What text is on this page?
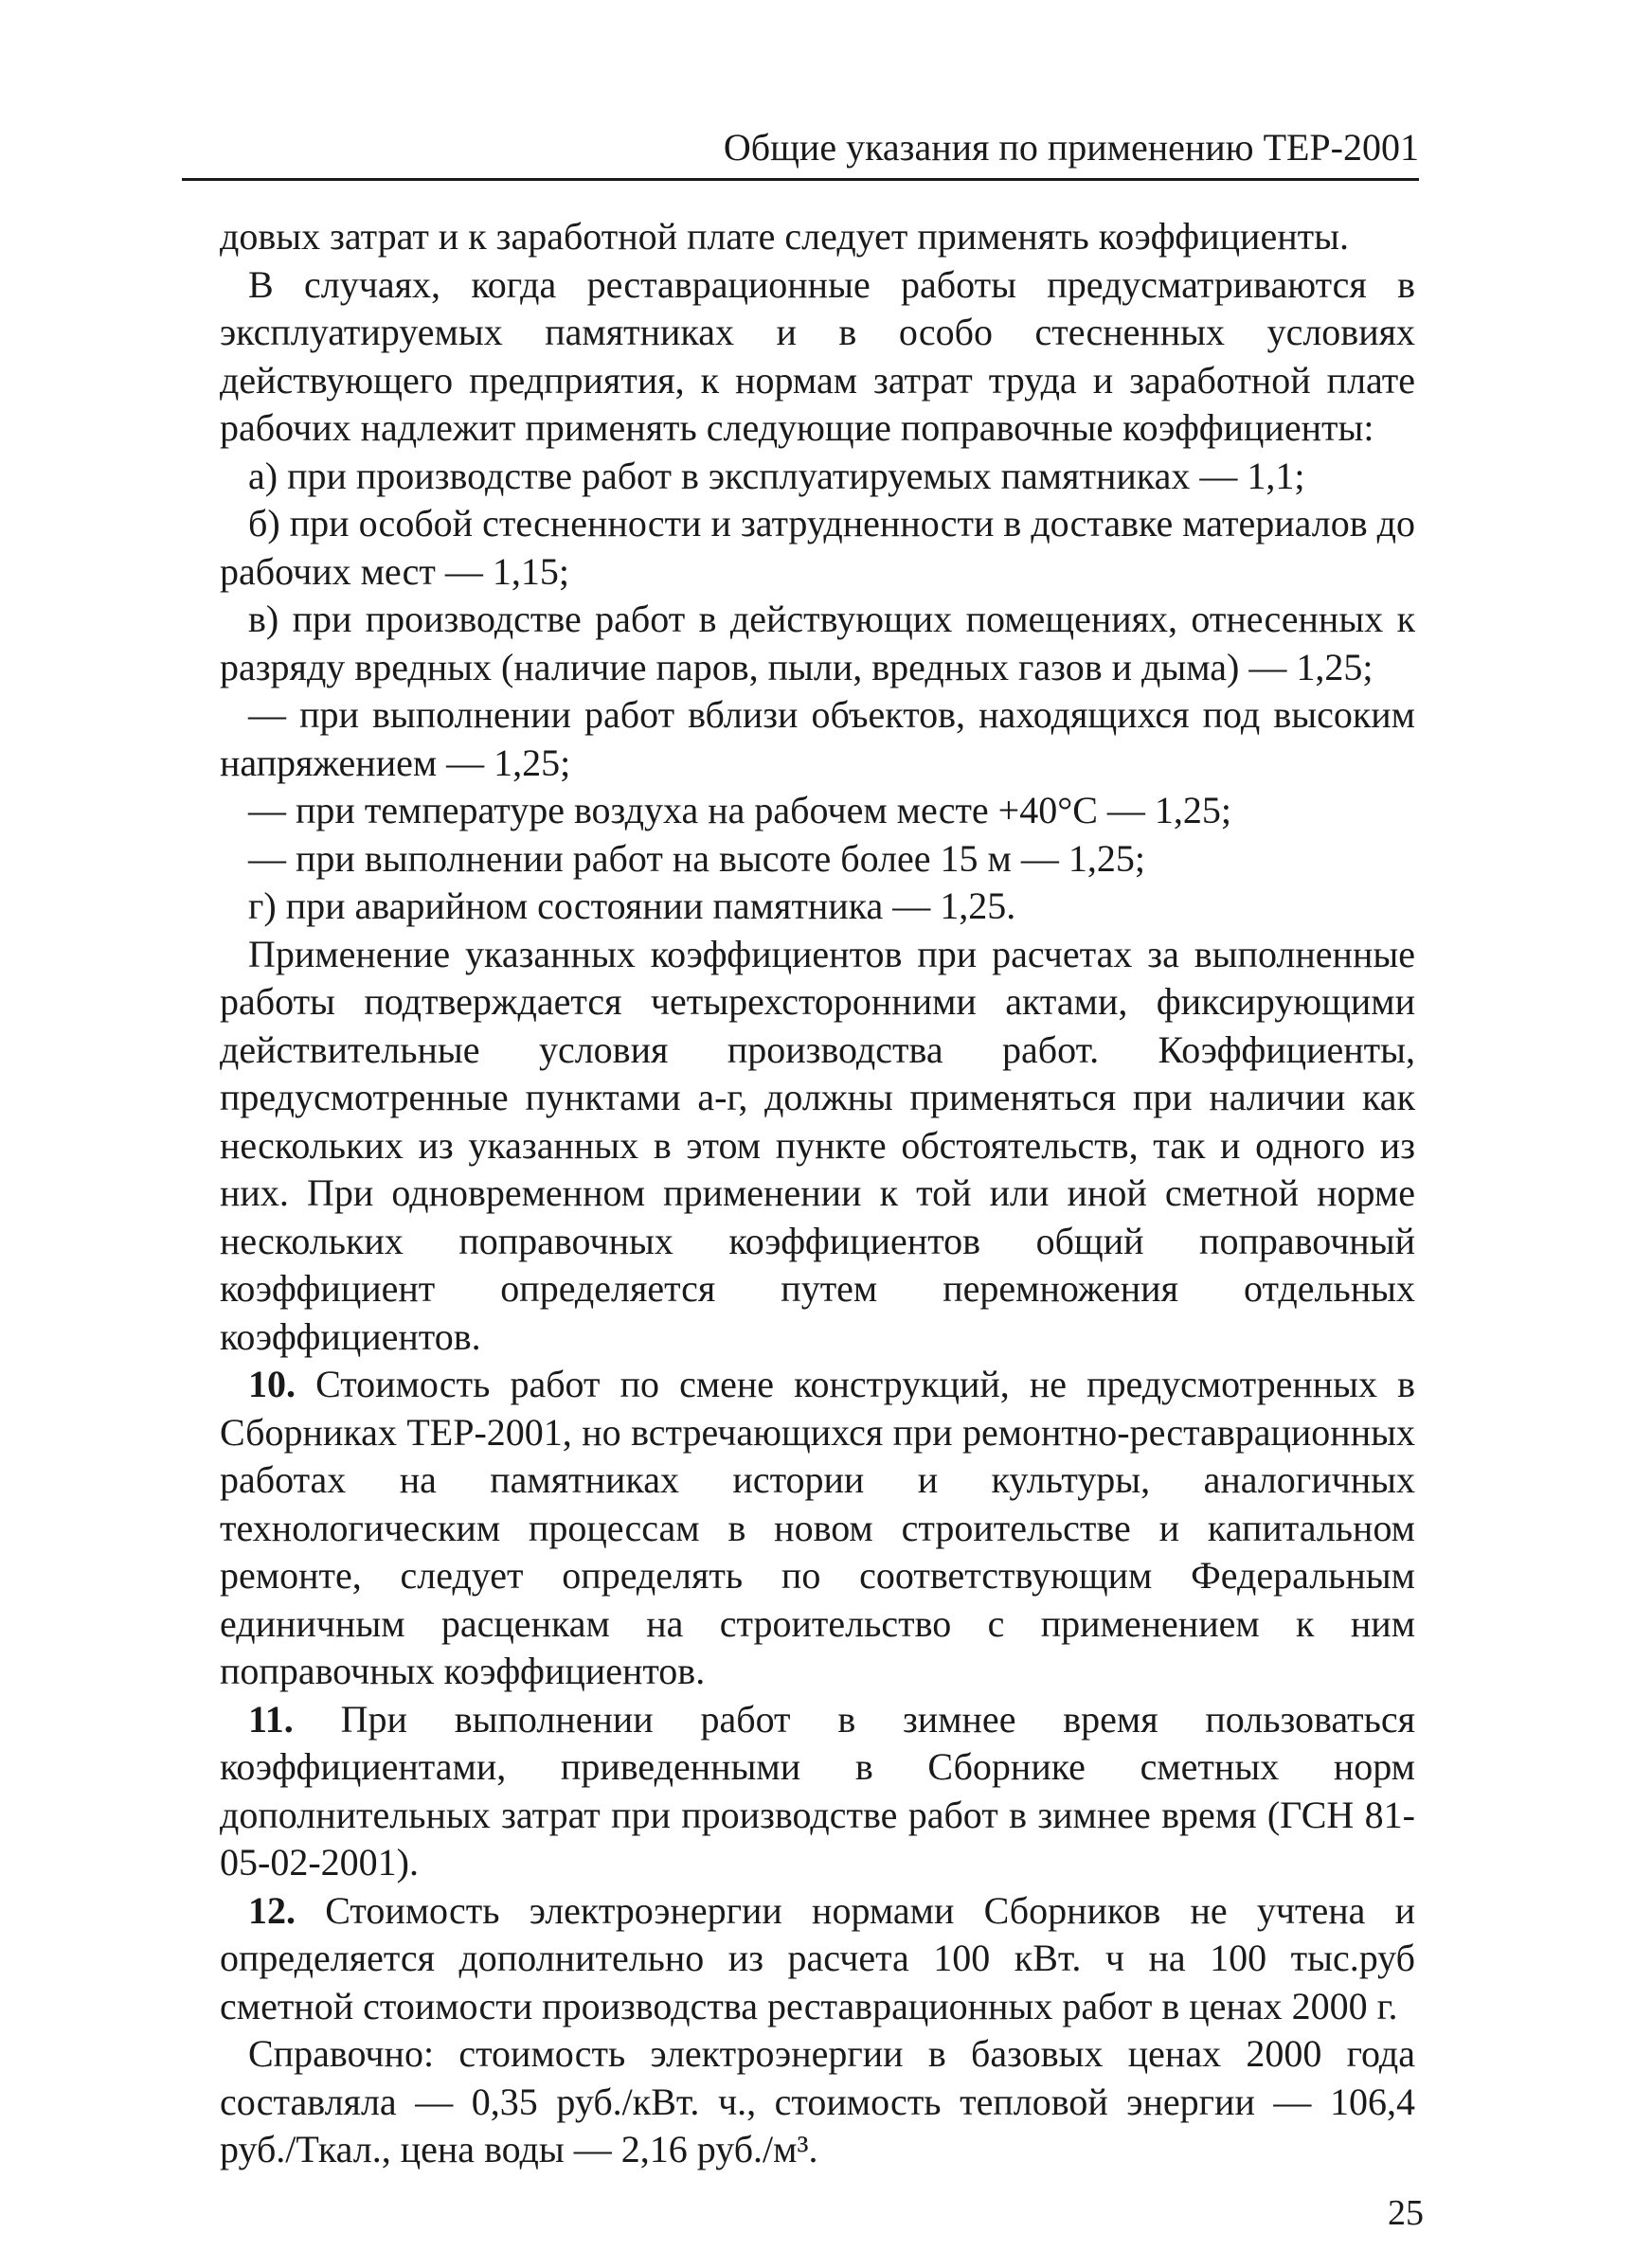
Общие указания по применению ТЕР-2001

довых затрат и к заработной плате следует применять коэффициенты.

В случаях, когда реставрационные работы предусматриваются в эксплуатируемых памятниках и в особо стесненных условиях действующего предприятия, к нормам затрат труда и заработной плате рабочих надлежит применять следующие поправочные коэффициенты:

а) при производстве работ в эксплуатируемых памятниках — 1,1;

б) при особой стесненности и затрудненности в доставке материалов до рабочих мест — 1,15;

в) при производстве работ в действующих помещениях, отнесенных к разряду вредных (наличие паров, пыли, вредных газов и дыма) — 1,25;

— при выполнении работ вблизи объектов, находящихся под высоким напряжением — 1,25;

— при температуре воздуха на рабочем месте +40°С — 1,25;

— при выполнении работ на высоте более 15 м — 1,25;

г) при аварийном состоянии памятника — 1,25.

Применение указанных коэффициентов при расчетах за выполненные работы подтверждается четырехсторонними актами, фиксирующими действительные условия производства работ. Коэффициенты, предусмотренные пунктами а-г, должны применяться при наличии как нескольких из указанных в этом пункте обстоятельств, так и одного из них. При одновременном применении к той или иной сметной норме нескольких поправочных коэффициентов общий поправочный коэффициент определяется путем перемножения отдельных коэффициентов.

10. Стоимость работ по смене конструкций, не предусмотренных в Сборниках ТЕР-2001, но встречающихся при ремонтно-реставрационных работах на памятниках истории и культуры, аналогичных технологическим процессам в новом строительстве и капитальном ремонте, следует определять по соответствующим Федеральным единичным расценкам на строительство с применением к ним поправочных коэффициентов.

11. При выполнении работ в зимнее время пользоваться коэффициентами, приведенными в Сборнике сметных норм дополнительных затрат при производстве работ в зимнее время (ГСН 81-05-02-2001).

12. Стоимость электроэнергии нормами Сборников не учтена и определяется дополнительно из расчета 100 кВт. ч на 100 тыс.руб сметной стоимости производства реставрационных работ в ценах 2000 г.

Справочно: стоимость электроэнергии в базовых ценах 2000 года составляла — 0,35 руб./кВт. ч., стоимость тепловой энергии — 106,4 руб./Ткал., цена воды — 2,16 руб./м³.

25
